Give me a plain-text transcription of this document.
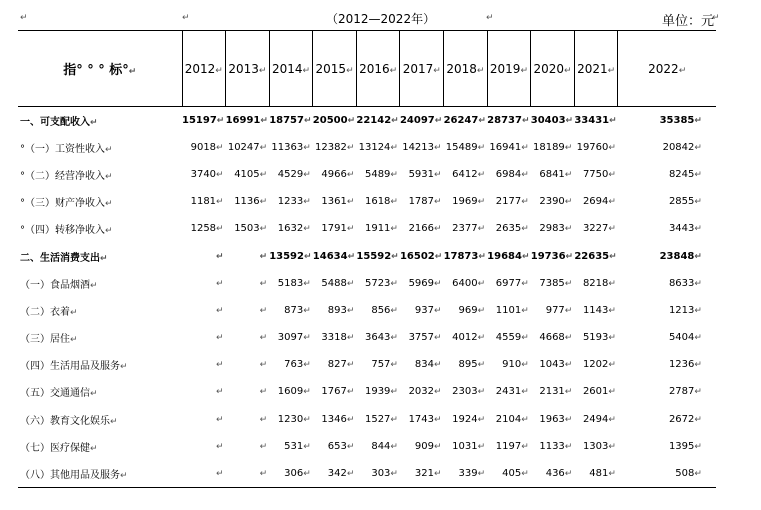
↵	↵	（2012—2022年）	↵	单位：元
↵
指° ° ° 标°↵	2012↵	2013↵	2014↵	2015↵	2016↵	2017↵	2018↵	2019↵	2020↵	2021↵	2022↵
一、可支配收入↵	15197↵	16991↵	18757↵	20500↵	22142↵	24097↵	26247↵	28737↵	30403↵	33431↵	35385↵
°（一）工资性收入↵	9018↵	10247↵	11363↵	12382↵	13124↵	14213↵	15489↵	16941↵	18189↵	19760↵	20842↵
°（二）经营净收入↵	3740↵	4105↵	4529↵	4966↵	5489↵	5931↵	6412↵	6984↵	6841↵	7750↵	8245↵
°（三）财产净收入↵	1181↵	1136↵	1233↵	1361↵	1618↵	1787↵	1969↵	2177↵	2390↵	2694↵	2855↵
°（四）转移净收入↵	1258↵	1503↵	1632↵	1791↵	1911↵	2166↵	2377↵	2635↵	2983↵	3227↵	3443↵
二、生活消费支出↵	↵	↵	13592↵	14634↵	15592↵	16502↵	17873↵	19684↵	19736↵	22635↵	23848↵
（一）食品烟酒↵	↵	↵	5183↵	5488↵	5723↵	5969↵	6400↵	6977↵	7385↵	8218↵	8633↵
（二）衣着↵	↵	↵	873↵	893↵	856↵	937↵	969↵	1101↵	977↵	1143↵	1213↵
（三）居住↵	↵	↵	3097↵	3318↵	3643↵	3757↵	4012↵	4559↵	4668↵	5193↵	5404↵
（四）生活用品及服务↵	↵	↵	763↵	827↵	757↵	834↵	895↵	910↵	1043↵	1202↵	1236↵
（五）交通通信↵	↵	↵	1609↵	1767↵	1939↵	2032↵	2303↵	2431↵	2131↵	2601↵	2787↵
（六）教育文化娱乐↵	↵	↵	1230↵	1346↵	1527↵	1743↵	1924↵	2104↵	1963↵	2494↵	2672↵
（七）医疗保健↵	↵	↵	531↵	653↵	844↵	909↵	1031↵	1197↵	1133↵	1303↵	1395↵
（八）其他用品及服务↵	↵	↵	306↵	342↵	303↵	321↵	339↵	405↵	436↵	481↵	508↵
